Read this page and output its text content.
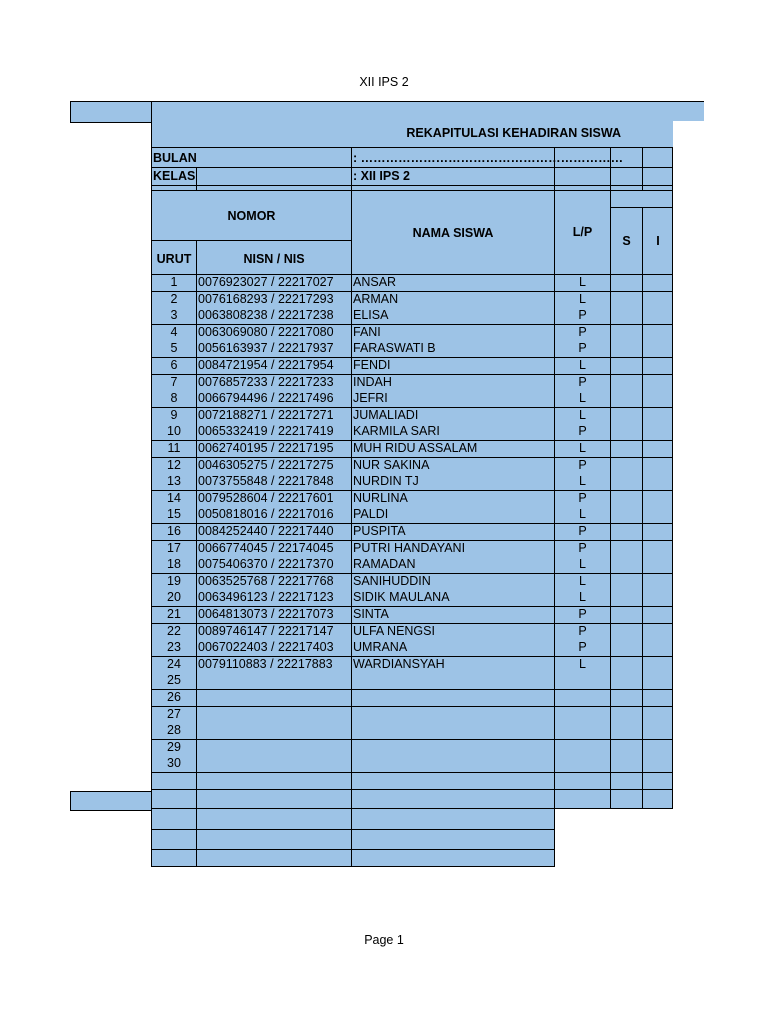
XII IPS 2
REKAPITULASI KEHADIRAN SISWA
BULAN	: ………………………………………………………
KELAS	: XII IPS 2
NOMOR
URUT	NISN / NIS
NAMA SISWA	L/P
S	I
1	0076923027 / 22217027	ANSAR	L
2	0076168293 / 22217293	ARMAN	L
3	0063808238 / 22217238	ELISA	P
4	0063069080 / 22217080	FANI	P
5	0056163937 / 22217937	FARASWATI B	P
6	0084721954 / 22217954	FENDI	L
7	0076857233 / 22217233	INDAH	P
8	0066794496 / 22217496	JEFRI	L
9	0072188271 / 22217271	JUMALIADI	L
10	0065332419 / 22217419	KARMILA SARI	P
11	0062740195 / 22217195	MUH RIDU ASSALAM	L
12	0046305275 / 22217275	NUR SAKINA	P
13	0073755848 / 22217848	NURDIN TJ	L
14	0079528604 / 22217601	NURLINA	P
15	0050818016 / 22217016	PALDI	L
16	0084252440 / 22217440	PUSPITA	P
17	0066774045 / 22174045	PUTRI HANDAYANI	P
18	0075406370 / 22217370	RAMADAN	L
19	0063525768 / 22217768	SANIHUDDIN	L
20	0063496123 / 22217123	SIDIK MAULANA	L
21	0064813073 / 22217073	SINTA	P
22	0089746147 / 22217147	ULFA NENGSI	P
23	0067022403 / 22217403	UMRANA	P
24	0079110883 / 22217883	WARDIANSYAH	L
25
26
27
28
29
30
Page 1
